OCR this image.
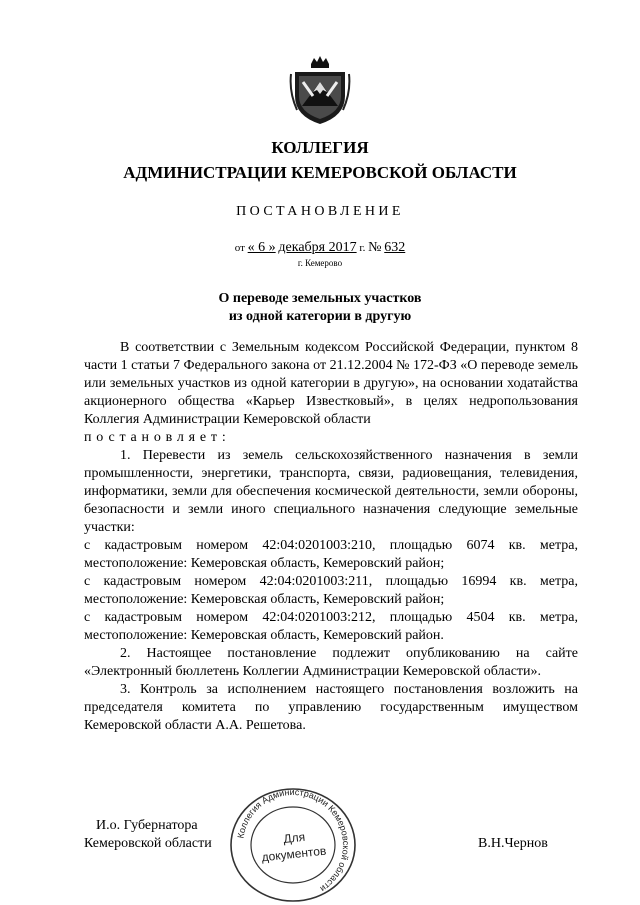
КОЛЛЕГИЯ
АДМИНИСТРАЦИИ КЕМЕРОВСКОЙ ОБЛАСТИ
ПОСТАНОВЛЕНИЕ
от « 6 » декабря 2017 г. № 632
г. Кемерово
О переводе земельных участков
из одной категории в другую

В соответствии с Земельным кодексом Российской Федерации, пунктом 8 части 1 статьи 7 Федерального закона от 21.12.2004 № 172-ФЗ «О переводе земель или земельных участков из одной категории в другую», на основании ходатайства акционерного общества «Карьер Известковый», в целях недропользования Коллегия Администрации Кемеровской области

постановляет:

1. Перевести из земель сельскохозяйственного назначения в земли промышленности, энергетики, транспорта, связи, радиовещания, телевидения, информатики, земли для обеспечения космической деятельности, земли обороны, безопасности и земли иного специального назначения следующие земельные участки:

с кадастровым номером 42:04:0201003:210, площадью 6074 кв. метра, местоположение: Кемеровская область, Кемеровский район;

с кадастровым номером 42:04:0201003:211, площадью 16994 кв. метра, местоположение: Кемеровская область, Кемеровский район;

с кадастровым номером 42:04:0201003:212, площадью 4504 кв. метра, местоположение: Кемеровская область, Кемеровский район.

2. Настоящее постановление подлежит опубликованию на сайте «Электронный бюллетень Коллегии Администрации Кемеровской области».

3. Контроль за исполнением настоящего постановления возложить на председателя комитета по управлению государственным имуществом Кемеровской области А.А. Решетова.

И.о. Губернатора
Кемеровской области	В.Н.Чернов
Коллегия Администрации Кемеровской области
Для
документов
